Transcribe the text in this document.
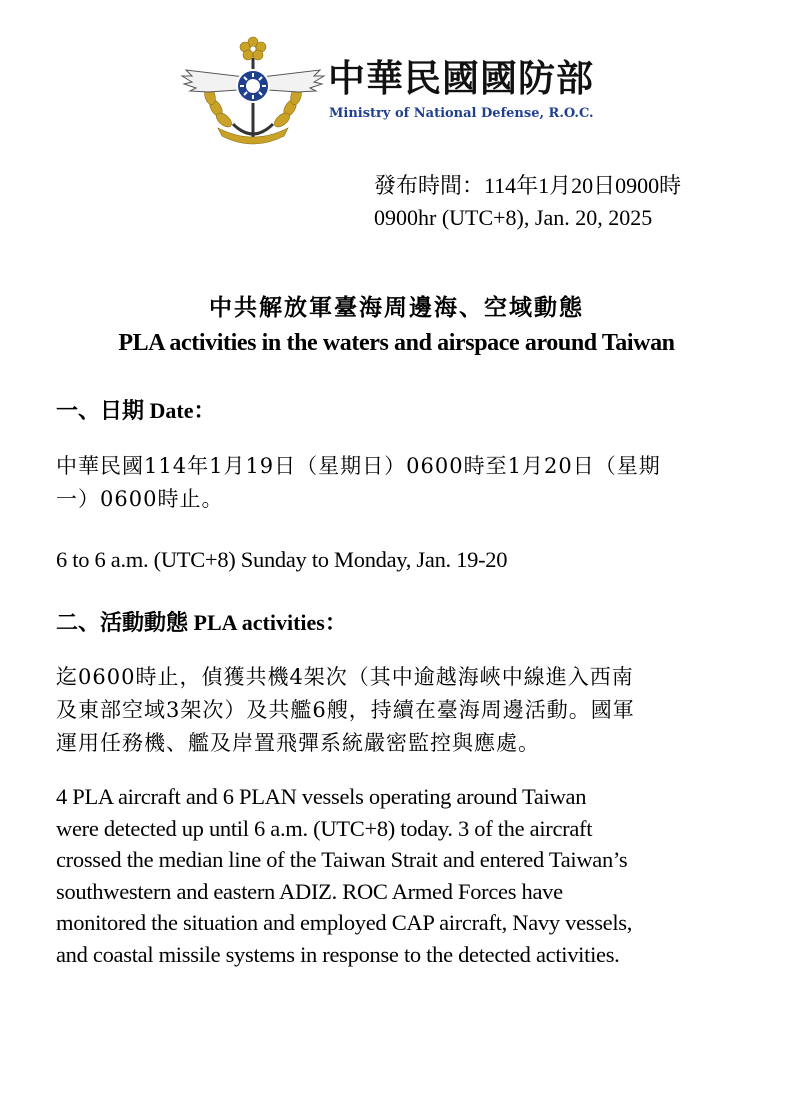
中華民國國防部
Ministry of National Defense, R.O.C.
發布時間：114年1月20日0900時
0900hr (UTC+8), Jan. 20, 2025
中共解放軍臺海周邊海、空域動態
PLA activities in the waters and airspace around Taiwan
一、日期 Date：
中華民國114年1月19日（星期日）0600時至1月20日（星期
一）0600時止。
6 to 6 a.m. (UTC+8) Sunday to Monday, Jan. 19-20
二、活動動態 PLA activities：
迄0600時止，偵獲共機4架次（其中逾越海峽中線進入西南
及東部空域3架次）及共艦6艘，持續在臺海周邊活動。國軍
運用任務機、艦及岸置飛彈系統嚴密監控與應處。
4 PLA aircraft and 6 PLAN vessels operating around Taiwan
were detected up until 6 a.m. (UTC+8) today. 3 of the aircraft
crossed the median line of the Taiwan Strait and entered Taiwan’s
southwestern and eastern ADIZ. ROC Armed Forces have
monitored the situation and employed CAP aircraft, Navy vessels,
and coastal missile systems in response to the detected activities.
